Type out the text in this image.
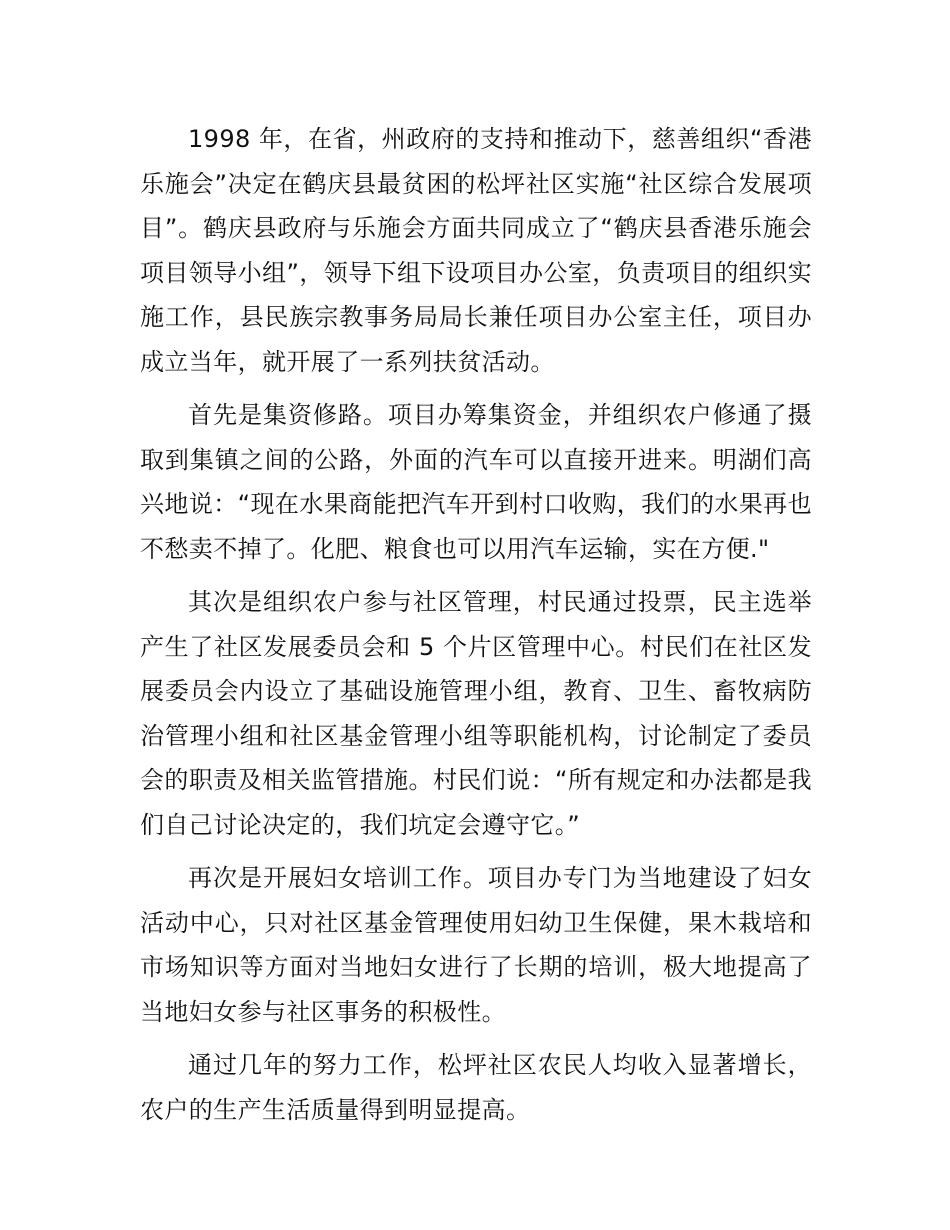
1998 年，在省，州政府的支持和推动下，慈善组织“香港乐施会”决定在鹤庆县最贫困的松坪社区实施“社区综合发展项目”。鹤庆县政府与乐施会方面共同成立了“鹤庆县香港乐施会项目领导小组”，领导下组下设项目办公室，负责项目的组织实施工作，县民族宗教事务局局长兼任项目办公室主任，项目办成立当年，就开展了一系列扶贫活动。

首先是集资修路。项目办筹集资金，并组织农户修通了摄取到集镇之间的公路，外面的汽车可以直接开进来。明湖们高兴地说：“现在水果商能把汽车开到村口收购，我们的水果再也不愁卖不掉了。化肥、粮食也可以用汽车运输，实在方便."

其次是组织农户参与社区管理，村民通过投票，民主选举产生了社区发展委员会和 5 个片区管理中心。村民们在社区发展委员会内设立了基础设施管理小组，教育、卫生、畜牧病防治管理小组和社区基金管理小组等职能机构，讨论制定了委员会的职责及相关监管措施。村民们说：“所有规定和办法都是我们自己讨论决定的，我们坑定会遵守它。”

再次是开展妇女培训工作。项目办专门为当地建设了妇女活动中心，只对社区基金管理使用妇幼卫生保健，果木栽培和市场知识等方面对当地妇女进行了长期的培训，极大地提高了当地妇女参与社区事务的积极性。

通过几年的努力工作，松坪社区农民人均收入显著增长，农户的生产生活质量得到明显提高。
